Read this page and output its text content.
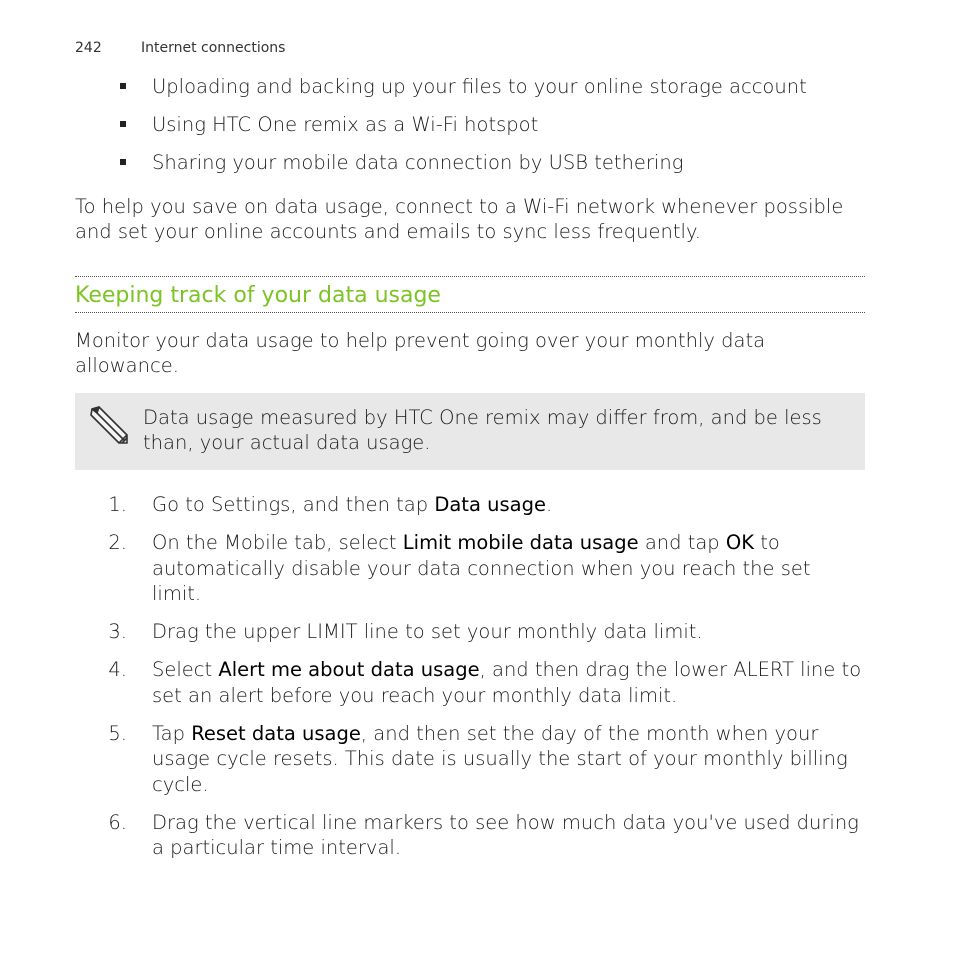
242	Internet connections
Uploading and backing up your files to your online storage account
Using HTC One remix as a Wi-Fi hotspot
Sharing your mobile data connection by USB tethering

To help you save on data usage, connect to a Wi-Fi network whenever possible and set your online accounts and emails to sync less frequently.

Keeping track of your data usage

Monitor your data usage to help prevent going over your monthly data allowance.

Data usage measured by HTC One remix may differ from, and be less than, your actual data usage.
1. Go to Settings, and then tap Data usage.
2. On the Mobile tab, select Limit mobile data usage and tap OK to automatically disable your data connection when you reach the set limit.
3. Drag the upper LIMIT line to set your monthly data limit.
4. Select Alert me about data usage, and then drag the lower ALERT line to set an alert before you reach your monthly data limit.
5. Tap Reset data usage, and then set the day of the month when your usage cycle resets. This date is usually the start of your monthly billing cycle.
6. Drag the vertical line markers to see how much data you've used during a particular time interval.
